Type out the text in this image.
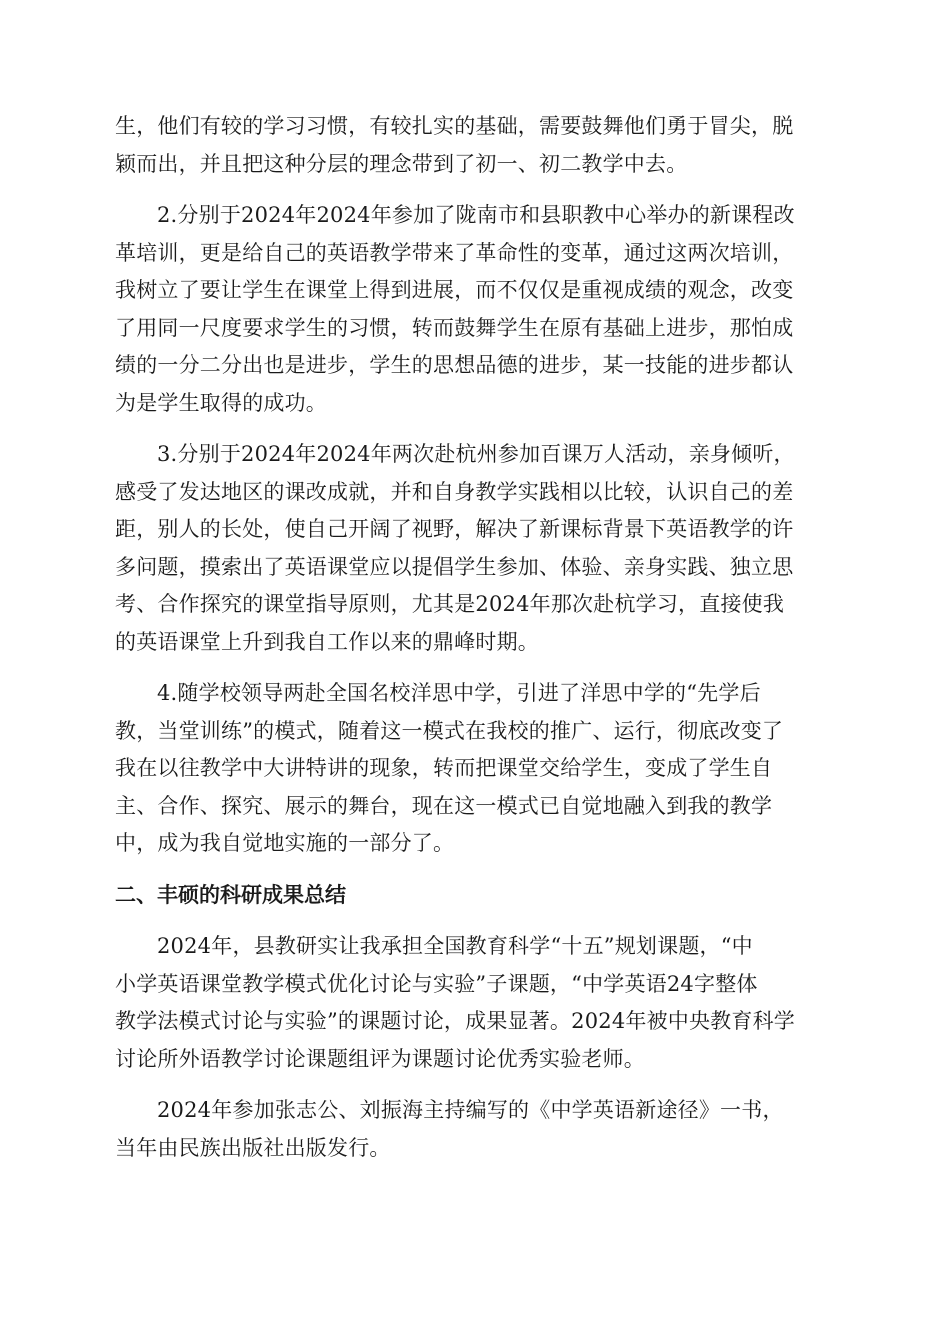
生，他们有较的学习习惯，有较扎实的基础，需要鼓舞他们勇于冒尖，脱
颖而出，并且把这种分层的理念带到了初一、初二教学中去。

2.分别于2024年2024年参加了陇南市和县职教中心举办的新课程改
革培训，更是给自己的英语教学带来了革命性的变革，通过这两次培训，
我树立了要让学生在课堂上得到进展，而不仅仅是重视成绩的观念，改变
了用同一尺度要求学生的习惯，转而鼓舞学生在原有基础上进步，那怕成
绩的一分二分出也是进步，学生的思想品德的进步，某一技能的进步都认
为是学生取得的成功。

3.分别于2024年2024年两次赴杭州参加百课万人活动，亲身倾听，
感受了发达地区的课改成就，并和自身教学实践相以比较，认识自己的差
距，别人的长处，使自己开阔了视野，解决了新课标背景下英语教学的许
多问题，摸索出了英语课堂应以提倡学生参加、体验、亲身实践、独立思
考、合作探究的课堂指导原则，尤其是2024年那次赴杭学习，直接使我
的英语课堂上升到我自工作以来的鼎峰时期。

4.随学校领导两赴全国名校洋思中学，引进了洋思中学的“先学后
教，当堂训练”的模式，随着这一模式在我校的推广、运行，彻底改变了
我在以往教学中大讲特讲的现象，转而把课堂交给学生，变成了学生自
主、合作、探究、展示的舞台，现在这一模式已自觉地融入到我的教学
中，成为我自觉地实施的一部分了。

二、丰硕的科研成果总结

2024年，县教研实让我承担全国教育科学“十五”规划课题，“中
小学英语课堂教学模式优化讨论与实验”子课题，“中学英语24字整体
教学法模式讨论与实验”的课题讨论，成果显著。2024年被中央教育科学
讨论所外语教学讨论课题组评为课题讨论优秀实验老师。

2024年参加张志公、刘振海主持编写的《中学英语新途径》一书，
当年由民族出版社出版发行。
